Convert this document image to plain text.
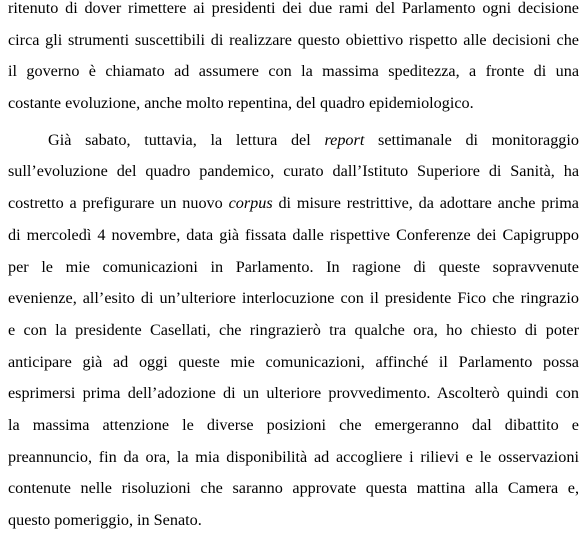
ritenuto di dover rimettere ai presidenti dei due rami del Parlamento ogni decisione
circa gli strumenti suscettibili di realizzare questo obiettivo rispetto alle decisioni che
il governo è chiamato ad assumere con la massima speditezza, a fronte di una
costante evoluzione, anche molto repentina, del quadro epidemiologico.
Già sabato, tuttavia, la lettura del report settimanale di monitoraggio
sull’evoluzione del quadro pandemico, curato dall’Istituto Superiore di Sanità, ha
costretto a prefigurare un nuovo corpus di misure restrittive, da adottare anche prima
di mercoledì 4 novembre, data già fissata dalle rispettive Conferenze dei Capigruppo
per le mie comunicazioni in Parlamento. In ragione di queste sopravvenute
evenienze, all’esito di un’ulteriore interlocuzione con il presidente Fico che ringrazio
e con la presidente Casellati, che ringrazierò tra qualche ora, ho chiesto di poter
anticipare già ad oggi queste mie comunicazioni, affinché il Parlamento possa
esprimersi prima dell’adozione di un ulteriore provvedimento. Ascolterò quindi con
la massima attenzione le diverse posizioni che emergeranno dal dibattito e
preannuncio, fin da ora, la mia disponibilità ad accogliere i rilievi e le osservazioni
contenute nelle risoluzioni che saranno approvate questa mattina alla Camera e,
questo pomeriggio, in Senato.
